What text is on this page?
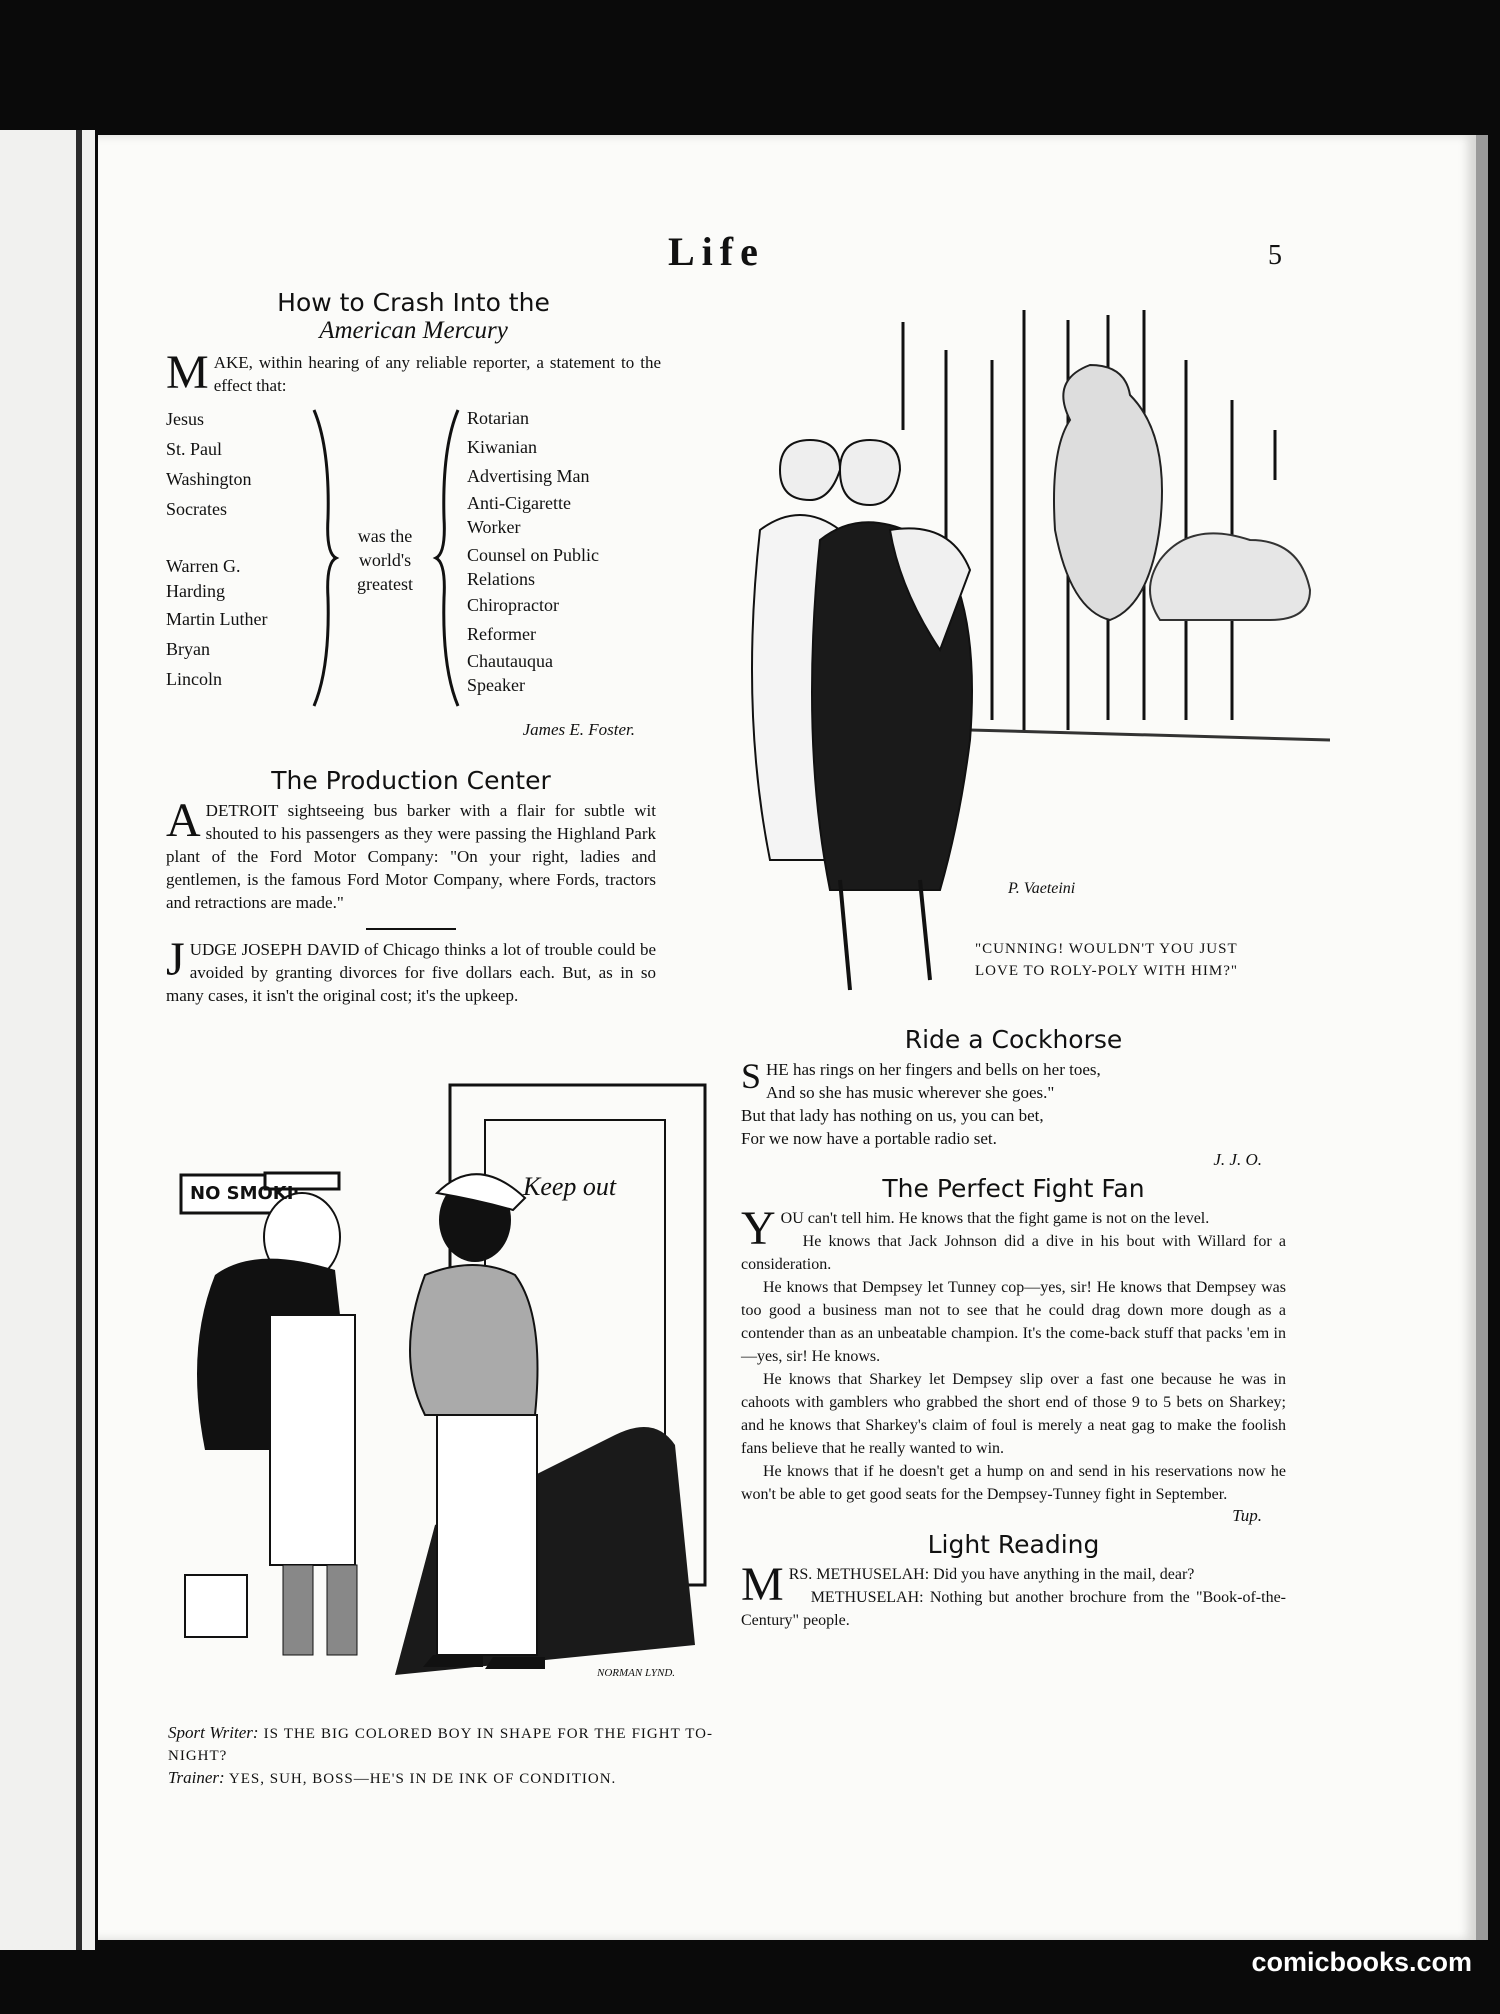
Life	5
How to Crash Into the
American Mercury
MAKE, within hearing of any reliable reporter, a statement to the effect that:
Jesus
St. Paul
Washington
Socrates
Warren G. Harding
Martin Luther
Bryan
Lincoln
was the world's greatest
Rotarian
Kiwanian
Advertising Man
Anti-Cigarette Worker
Counsel on Public Relations
Chiropractor
Reformer
Chautauqua Speaker
James E. Foster.
The Production Center
ADETROIT sightseeing bus barker with a flair for subtle wit shouted to his passengers as they were passing the Highland Park plant of the Ford Motor Company: "On your right, ladies and gentlemen, is the famous Ford Motor Company, where Fords, tractors and retractions are made."
JUDGE JOSEPH DAVID of Chicago thinks a lot of trouble could be avoided by granting divorces for five dollars each. But, as in so many cases, it isn't the original cost; it's the upkeep.
P. Vaeteini
"CUNNING! WOULDN'T YOU JUST LOVE TO ROLY-POLY WITH HIM?"
NO SMOKI	Keep out
NORMAN LYND.
Sport Writer: IS THE BIG COLORED BOY IN SHAPE FOR THE FIGHT TO-NIGHT?
Trainer: YES, SUH, BOSS—HE'S IN DE INK OF CONDITION.
Ride a Cockhorse
S HE has rings on her fingers and bells on her toes,
And so she has music wherever she goes."
But that lady has nothing on us, you can bet,
For we now have a portable radio set.
J. J. O.
The Perfect Fight Fan

YOU can't tell him. He knows that the fight game is not on the level.

He knows that Jack Johnson did a dive in his bout with Willard for a consideration.

He knows that Dempsey let Tunney cop—yes, sir! He knows that Dempsey was too good a business man not to see that he could drag down more dough as a contender than as an unbeatable champion. It's the come-back stuff that packs 'em in—yes, sir! He knows.

He knows that Sharkey let Dempsey slip over a fast one because he was in cahoots with gamblers who grabbed the short end of those 9 to 5 bets on Sharkey; and he knows that Sharkey's claim of foul is merely a neat gag to make the foolish fans believe that he really wanted to win.

He knows that if he doesn't get a hump on and send in his reservations now he won't be able to get good seats for the Dempsey-Tunney fight in September.

Tup.
Light Reading

MRS. METHUSELAH: Did you have anything in the mail, dear?

METHUSELAH: Nothing but another brochure from the "Book-of-the-Century" people.

comicbooks.com
